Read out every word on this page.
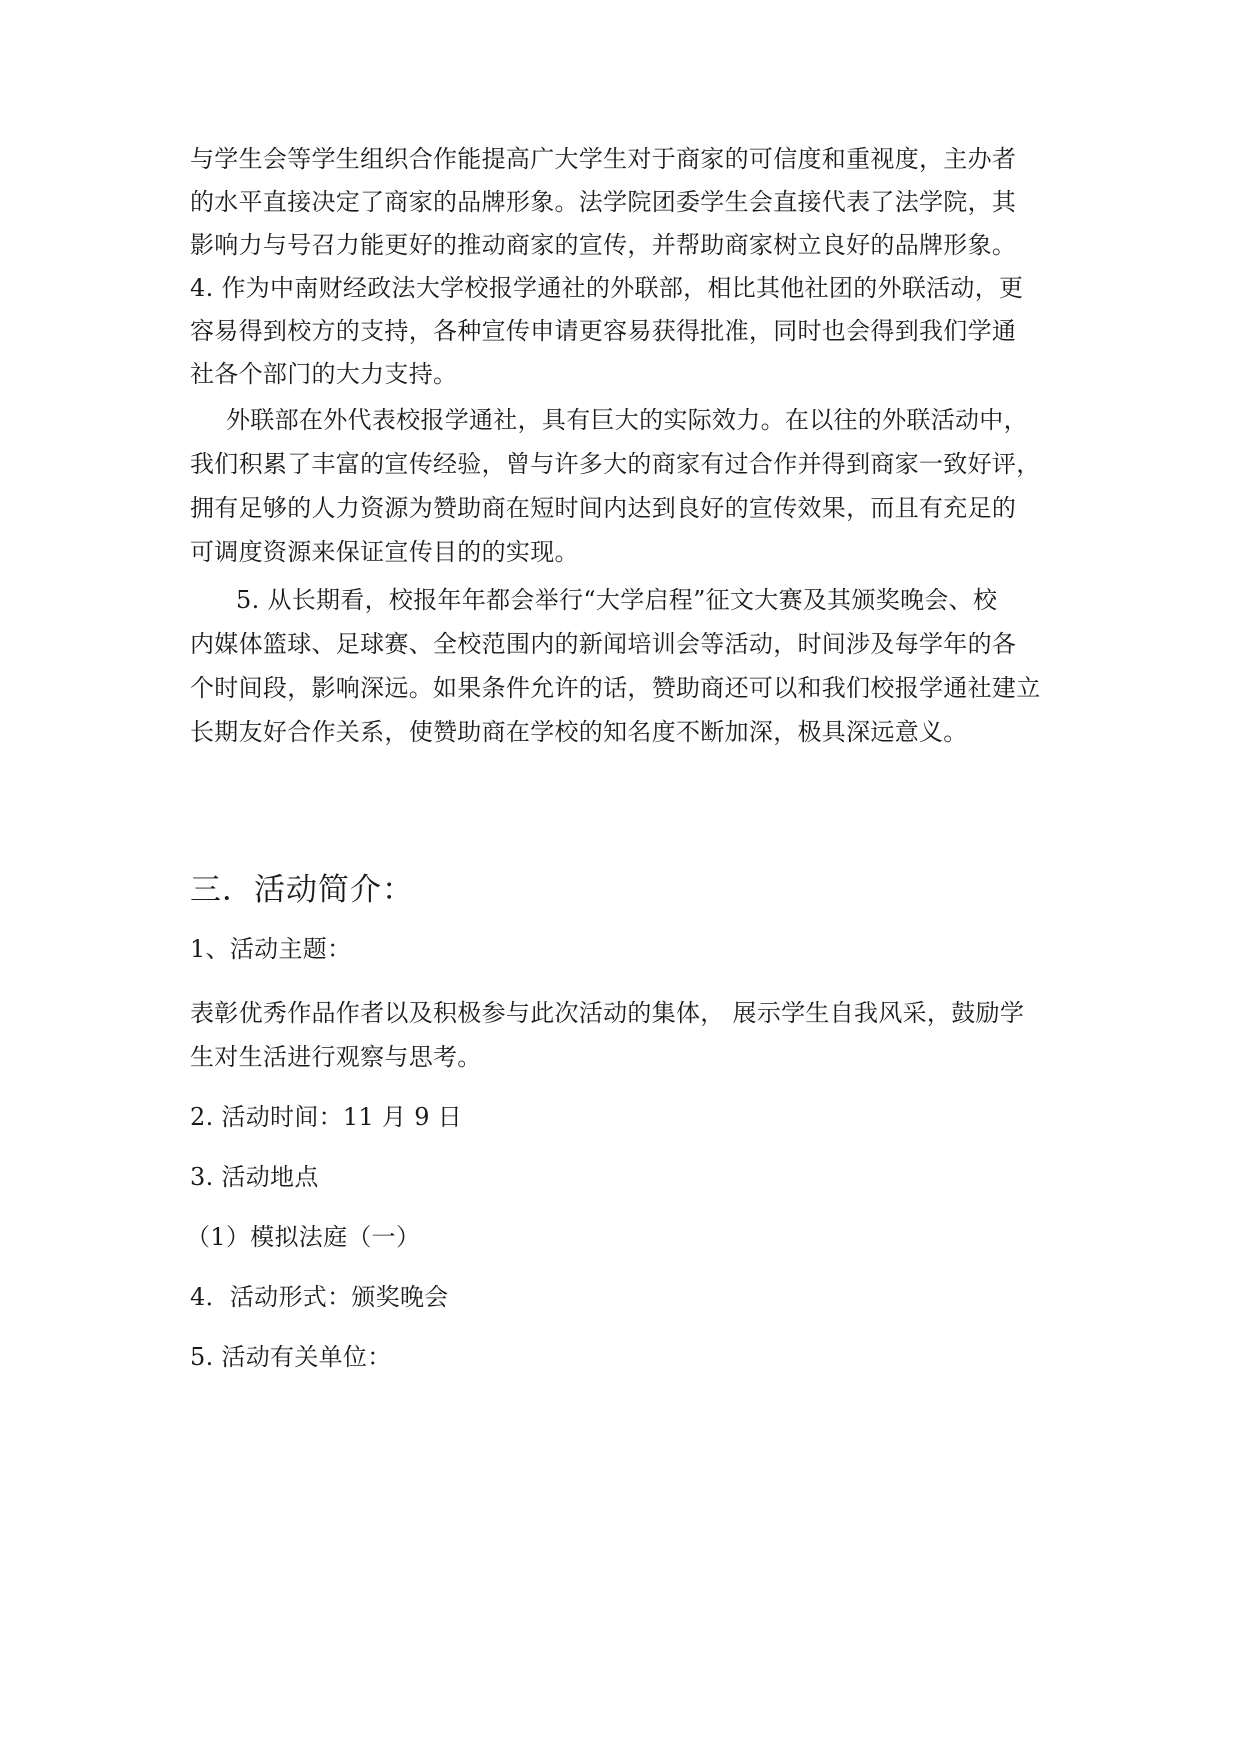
与学生会等学生组织合作能提高广大学生对于商家的可信度和重视度，主办者
的水平直接决定了商家的品牌形象。法学院团委学生会直接代表了法学院，其
影响力与号召力能更好的推动商家的宣传，并帮助商家树立良好的品牌形象。
4. 作为中南财经政法大学校报学通社的外联部，相比其他社团的外联活动，更
容易得到校方的支持，各种宣传申请更容易获得批准，同时也会得到我们学通
社各个部门的大力支持。
外联部在外代表校报学通社，具有巨大的实际效力。在以往的外联活动中，
我们积累了丰富的宣传经验，曾与许多大的商家有过合作并得到商家一致好评，
拥有足够的人力资源为赞助商在短时间内达到良好的宣传效果，而且有充足的
可调度资源来保证宣传目的的实现。
5. 从长期看，校报年年都会举行“大学启程”征文大赛及其颁奖晚会、校
内媒体篮球、足球赛、全校范围内的新闻培训会等活动，时间涉及每学年的各
个时间段，影响深远。如果条件允许的话，赞助商还可以和我们校报学通社建立
长期友好合作关系，使赞助商在学校的知名度不断加深，极具深远意义。
三．活动简介：
1、活动主题：
表彰优秀作品作者以及积极参与此次活动的集体， 展示学生自我风采，鼓励学
生对生活进行观察与思考。
2. 活动时间：11 月 9 日
3. 活动地点
（1）模拟法庭（一）
4．活动形式：颁奖晚会
5. 活动有关单位：
